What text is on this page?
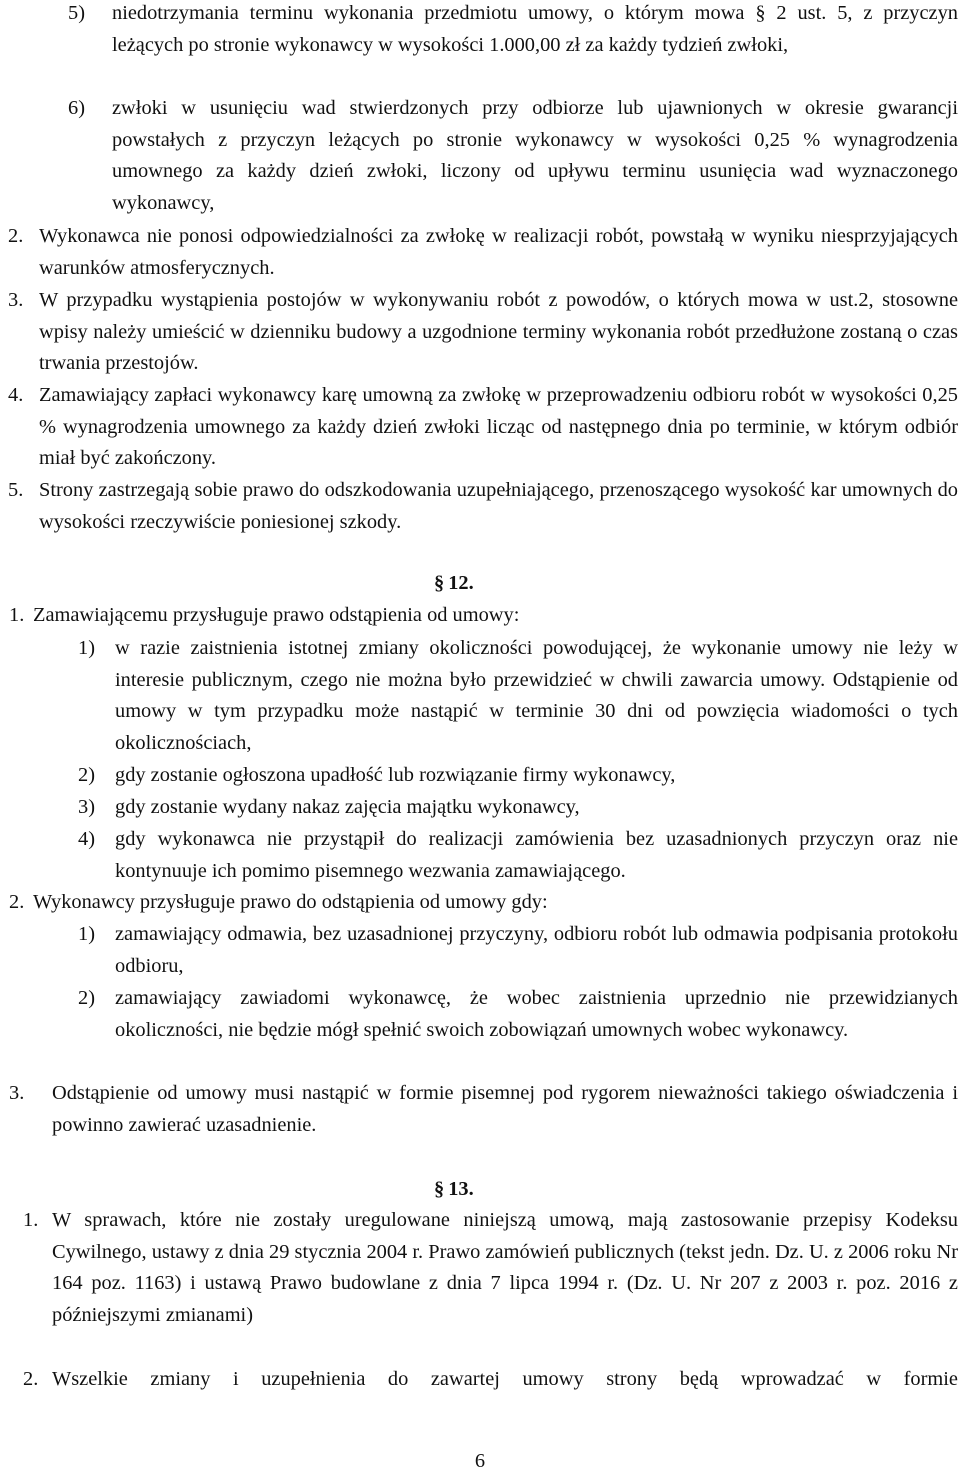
5) niedotrzymania terminu wykonania przedmiotu umowy, o którym mowa § 2 ust. 5, z przyczyn leżących po stronie wykonawcy w wysokości 1.000,00 zł za każdy tydzień zwłoki,
6) zwłoki w usunięciu wad stwierdzonych przy odbiorze lub ujawnionych w okresie gwarancji powstałych z przyczyn leżących po stronie wykonawcy w wysokości 0,25 % wynagrodzenia umownego za każdy dzień zwłoki, liczony od upływu terminu usunięcia wad wyznaczonego wykonawcy,
2. Wykonawca nie ponosi odpowiedzialności za zwłokę w realizacji robót, powstałą w wyniku niesprzyjających warunków atmosferycznych.
3. W przypadku wystąpienia postojów w wykonywaniu robót z powodów, o których mowa w ust.2, stosowne wpisy należy umieścić w dzienniku budowy a uzgodnione terminy wykonania robót przedłużone zostaną o czas trwania przestojów.
4. Zamawiający zapłaci wykonawcy karę umowną za zwłokę w przeprowadzeniu odbioru robót w wysokości 0,25 % wynagrodzenia umownego za każdy dzień zwłoki licząc od następnego dnia po terminie, w którym odbiór miał być zakończony.
5. Strony zastrzegają sobie prawo do odszkodowania uzupełniającego, przenoszącego wysokość kar umownych do wysokości rzeczywiście poniesionej szkody.
§ 12.
1. Zamawiającemu przysługuje prawo odstąpienia od umowy:
1) w razie zaistnienia istotnej zmiany okoliczności powodującej, że wykonanie umowy nie leży w interesie publicznym, czego nie można było przewidzieć w chwili zawarcia umowy. Odstąpienie od umowy w tym przypadku może nastąpić w terminie 30 dni od powzięcia wiadomości o tych okolicznościach,
2) gdy zostanie ogłoszona upadłość lub rozwiązanie firmy wykonawcy,
3) gdy zostanie wydany nakaz zajęcia majątku wykonawcy,
4) gdy wykonawca nie przystąpił do realizacji zamówienia bez uzasadnionych przyczyn oraz nie kontynuuje ich pomimo pisemnego wezwania zamawiającego.
2. Wykonawcy przysługuje prawo do odstąpienia od umowy gdy:
1) zamawiający odmawia, bez uzasadnionej przyczyny, odbioru robót lub odmawia podpisania protokołu odbioru,
2) zamawiający zawiadomi wykonawcę, że wobec zaistnienia uprzednio nie przewidzianych okoliczności, nie będzie mógł spełnić swoich zobowiązań umownych wobec wykonawcy.
3. Odstąpienie od umowy musi nastąpić w formie pisemnej pod rygorem nieważności takiego oświadczenia i powinno zawierać uzasadnienie.
§ 13.
1. W sprawach, które nie zostały uregulowane niniejszą umową, mają zastosowanie przepisy Kodeksu Cywilnego, ustawy z dnia 29 stycznia 2004 r. Prawo zamówień publicznych (tekst jedn. Dz. U. z 2006 roku Nr 164 poz. 1163) i ustawą Prawo budowlane z dnia 7 lipca 1994 r. (Dz. U. Nr 207 z 2003 r. poz. 2016 z późniejszymi zmianami)
2. Wszelkie zmiany i uzupełnienia do zawartej umowy strony będą wprowadzać w formie
6
